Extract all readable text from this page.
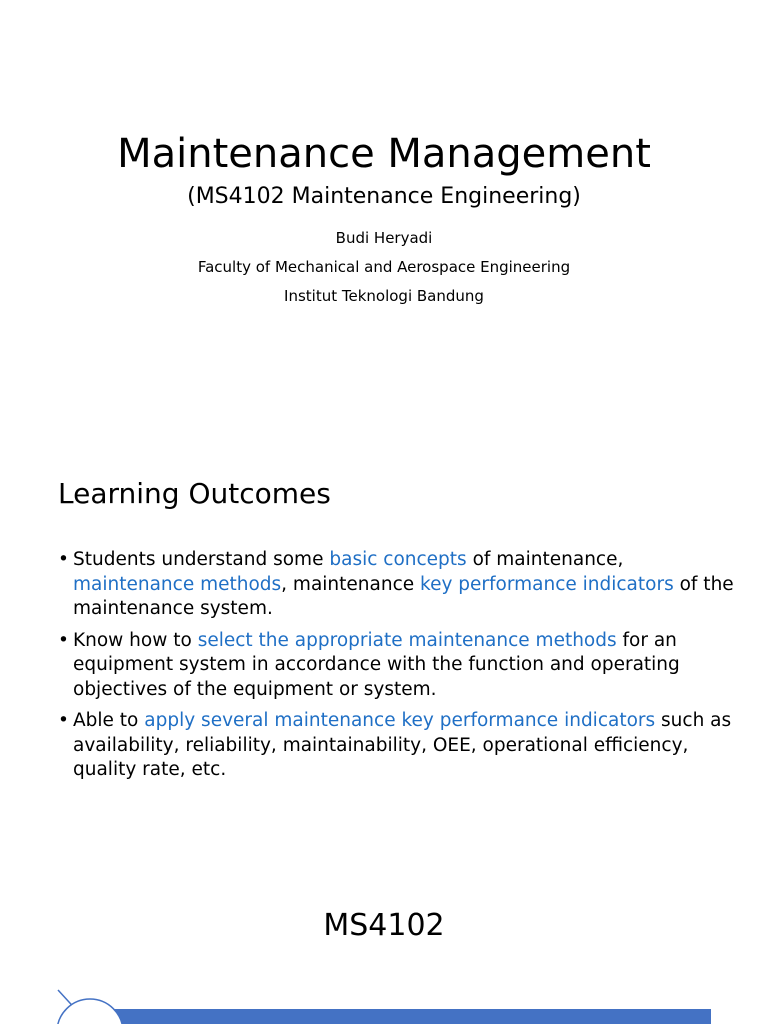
Maintenance Management
(MS4102 Maintenance Engineering)
Budi Heryadi
Faculty of Mechanical and Aerospace Engineering
Institut Teknologi Bandung
Learning Outcomes
• Students understand some basic concepts of maintenance, maintenance methods, maintenance key performance indicators of the maintenance system.
• Know how to select the appropriate maintenance methods for an equipment system in accordance with the function and operating objectives of the equipment or system.
• Able to apply several maintenance key performance indicators such as availability, reliability, maintainability, OEE, operational efficiency, quality rate, etc.
MS4102
